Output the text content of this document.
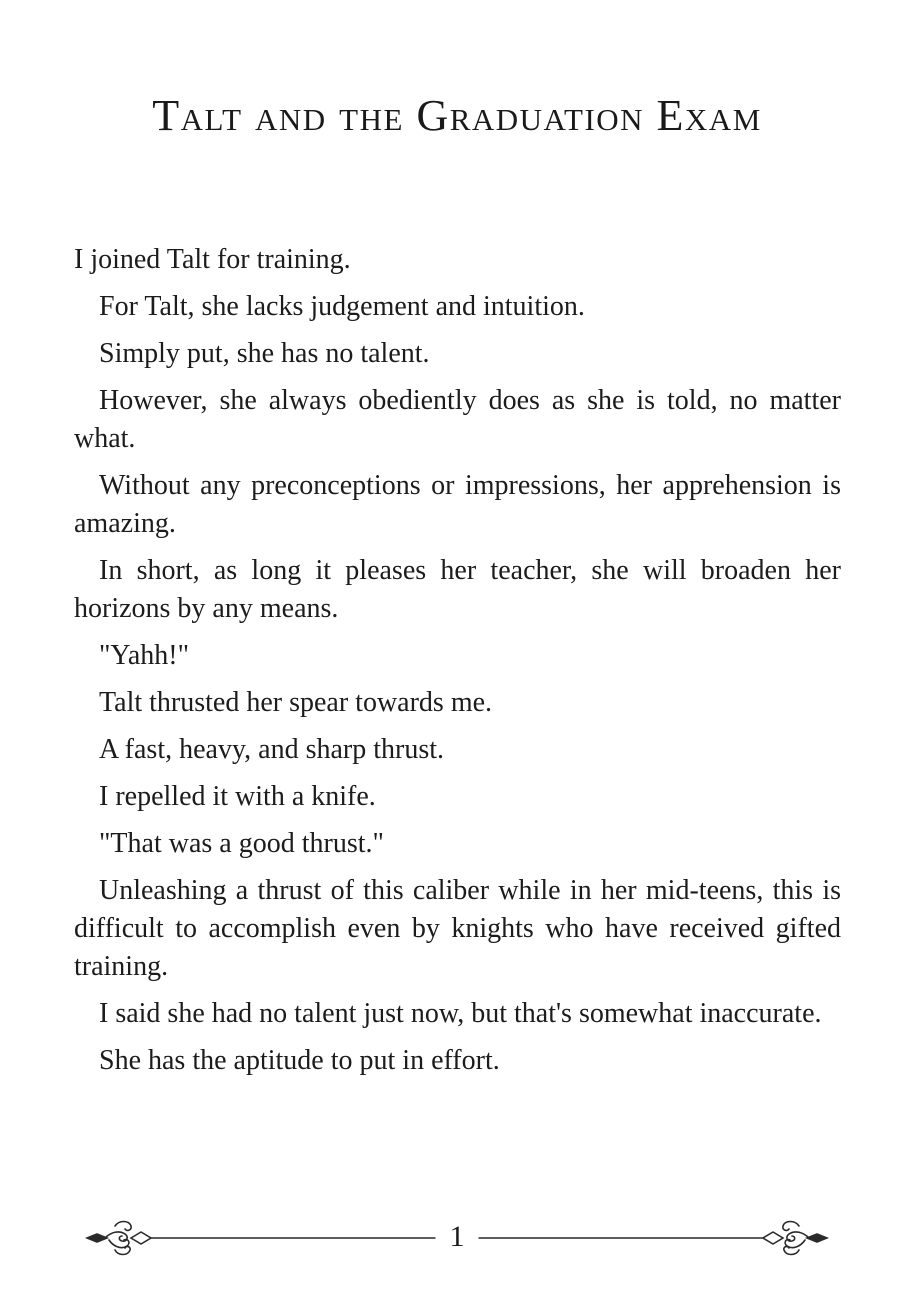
Talt and the Graduation Exam

I joined Talt for training.

For Talt, she lacks judgement and intuition.

Simply put, she has no talent.

However, she always obediently does as she is told, no matter what.

Without any preconceptions or impressions, her apprehension is amazing.

In short, as long it pleases her teacher, she will broaden her horizons by any means.

"Yahh!"

Talt thrusted her spear towards me.

A fast, heavy, and sharp thrust.

I repelled it with a knife.

"That was a good thrust."

Unleashing a thrust of this caliber while in her mid-teens, this is difficult to accomplish even by knights who have received gifted training.

I said she had no talent just now, but that's somewhat inaccurate.

She has the aptitude to put in effort.

1
